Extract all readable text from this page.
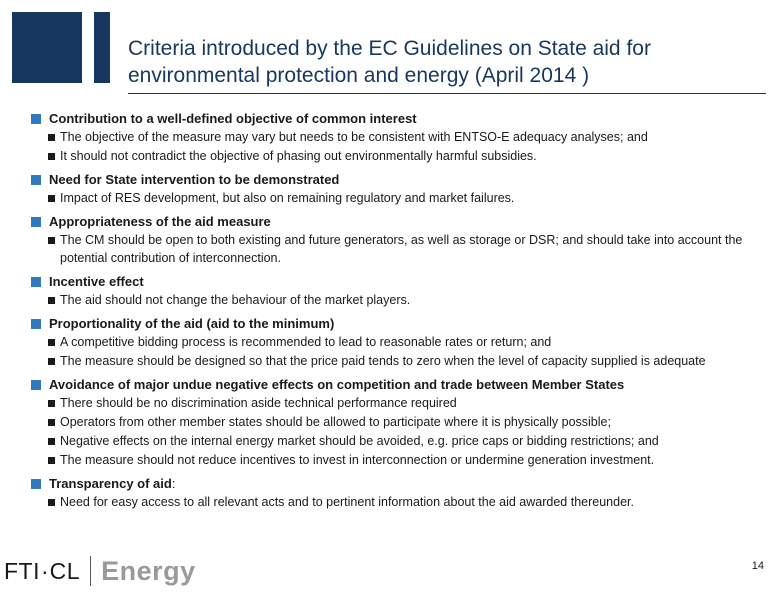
Criteria introduced by the EC Guidelines on State aid for environmental protection and energy (April 2014 )
Contribution to a well-defined objective of common interest
The objective of the measure may vary but needs to be consistent with ENTSO-E adequacy analyses; and
It should not contradict the objective of phasing out environmentally harmful subsidies.
Need for State intervention to be demonstrated
Impact of RES development, but also on remaining regulatory and market failures.
Appropriateness of the aid measure
The CM should be open to both existing and future generators, as well as storage or DSR; and should take into account the potential contribution of interconnection.
Incentive effect
The aid should not change the behaviour of the market players.
Proportionality of the aid (aid to the minimum)
A competitive bidding process is recommended to lead to reasonable rates or return; and
The measure should be designed so that the price paid tends to zero when the level of capacity supplied is adequate
Avoidance of major undue negative effects on competition and trade between Member States
There should be no discrimination aside technical performance required
Operators from other member states should be allowed to participate where it is physically possible;
Negative effects on the internal energy market should be avoided, e.g. price caps or bidding restrictions; and
The measure should not reduce incentives to invest in interconnection or undermine generation investment.
Transparency of aid:
Need for easy access to all relevant acts and to pertinent information about the aid awarded thereunder.
FTI · CL Energy	14
